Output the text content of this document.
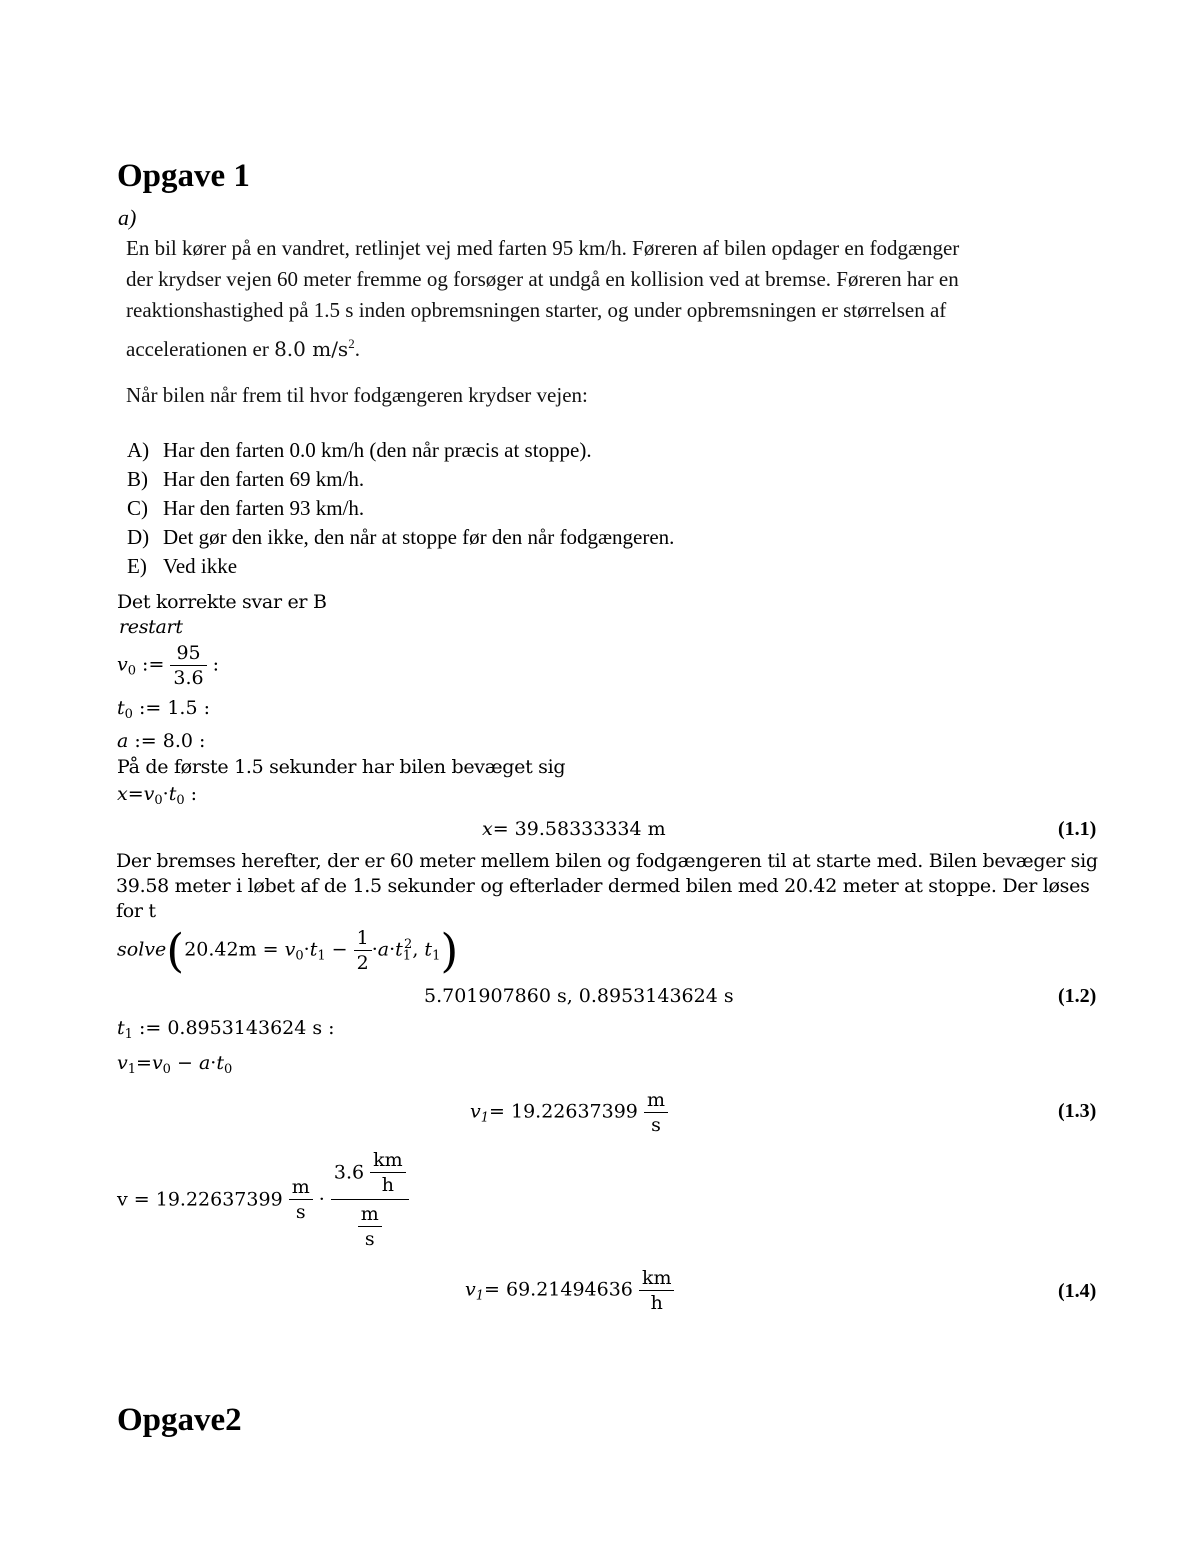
Opgave 1
a)
En bil kører på en vandret, retlinjet vej med farten 95 km/h. Føreren af bilen opdager en fodgænger
der krydser vejen 60 meter fremme og forsøger at undgå en kollision ved at bremse. Føreren har en
reaktionshastighed på 1.5 s inden opbremsningen starter, og under opbremsningen er størrelsen af
accelerationen er 8.0 $m/s^2$.
Når bilen når frem til hvor fodgængeren krydser vejen:
A) Har den farten 0.0 km/h (den når præcis at stoppe).
B) Har den farten 69 km/h.
C) Har den farten 93 km/h.
D) Det gør den ikke, den når at stoppe før den når fodgængeren.
E) Ved ikke
Det korrekte svar er B
restart
$v_0$ := $\frac{95}{3.6}$ :
$t_0$ := 1.5 :
a := 8.0 :
På de første 1.5 sekunder har bilen bevæget sig
$x=v_0\cdot t_0$ :
x= 39.58333334 m	(1.1)
Der bremses herefter, der er 60 meter mellem bilen og fodgængeren til at starte med. Bilen bevæger sig
39.58 meter i løbet af de 1.5 sekunder og efterlader dermed bilen med 20.42 meter at stoppe. Der løses
for t
solve(20.42m = $v_0\cdot t_1 - \frac{1}{2} \cdot a\cdot t_1^2$, $t_1$)
5.701907860 s, 0.8953143624 s	(1.2)
$t_1$ := 0.8953143624 s :
$v_1=v_0 - a\cdot t_0$
$v_1= 19.22637399 \frac{m}{s}$	(1.3)
$v = 19.22637399 \frac{m}{s} \cdot \frac{3.6 \frac{km}{h}}{\frac{m}{s}}$
$v_1= 69.21494636 \frac{km}{h}$	(1.4)
Opgave2
